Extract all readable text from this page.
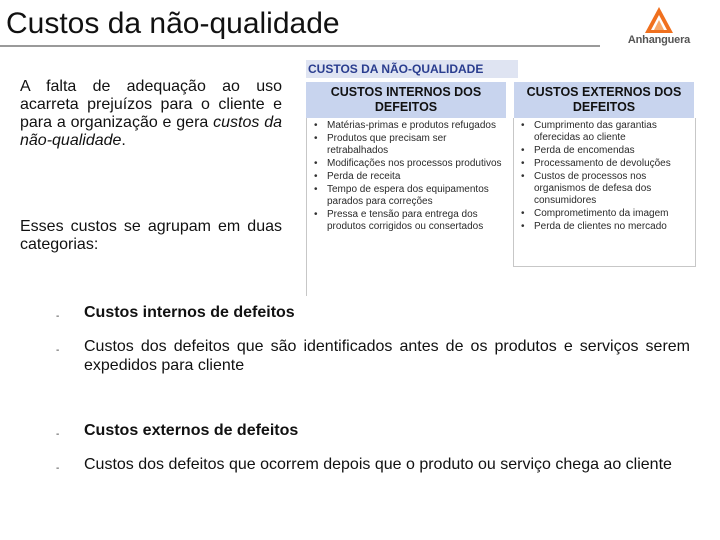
Custos da não-qualidade	Anhanguera
A falta de adequação ao uso acarreta prejuízos para o cliente e para a organização e gera custos da não-qualidade.
Esses custos se agrupam em duas categorias:
CUSTOS DA NÃO-QUALIDADE
CUSTOS INTERNOS DOS DEFEITOS
CUSTOS EXTERNOS DOS DEFEITOS
• Matérias-primas e produtos refugados
• Produtos que precisam ser retrabalhados
• Modificações nos processos produtivos
• Perda de receita
• Tempo de espera dos equipamentos parados para correções
• Pressa e tensão para entrega dos produtos corrigidos ou consertados
• Cumprimento das garantias oferecidas ao cliente
• Perda de encomendas
• Processamento de devoluções
• Custos de processos nos organismos de defesa dos consumidores
• Comprometimento da imagem
• Perda de clientes no mercado
- Custos internos de defeitos
- Custos dos defeitos que são identificados antes de os produtos e serviços serem expedidos para cliente
- Custos externos de defeitos
- Custos dos defeitos que ocorrem depois que o produto ou serviço chega ao cliente
